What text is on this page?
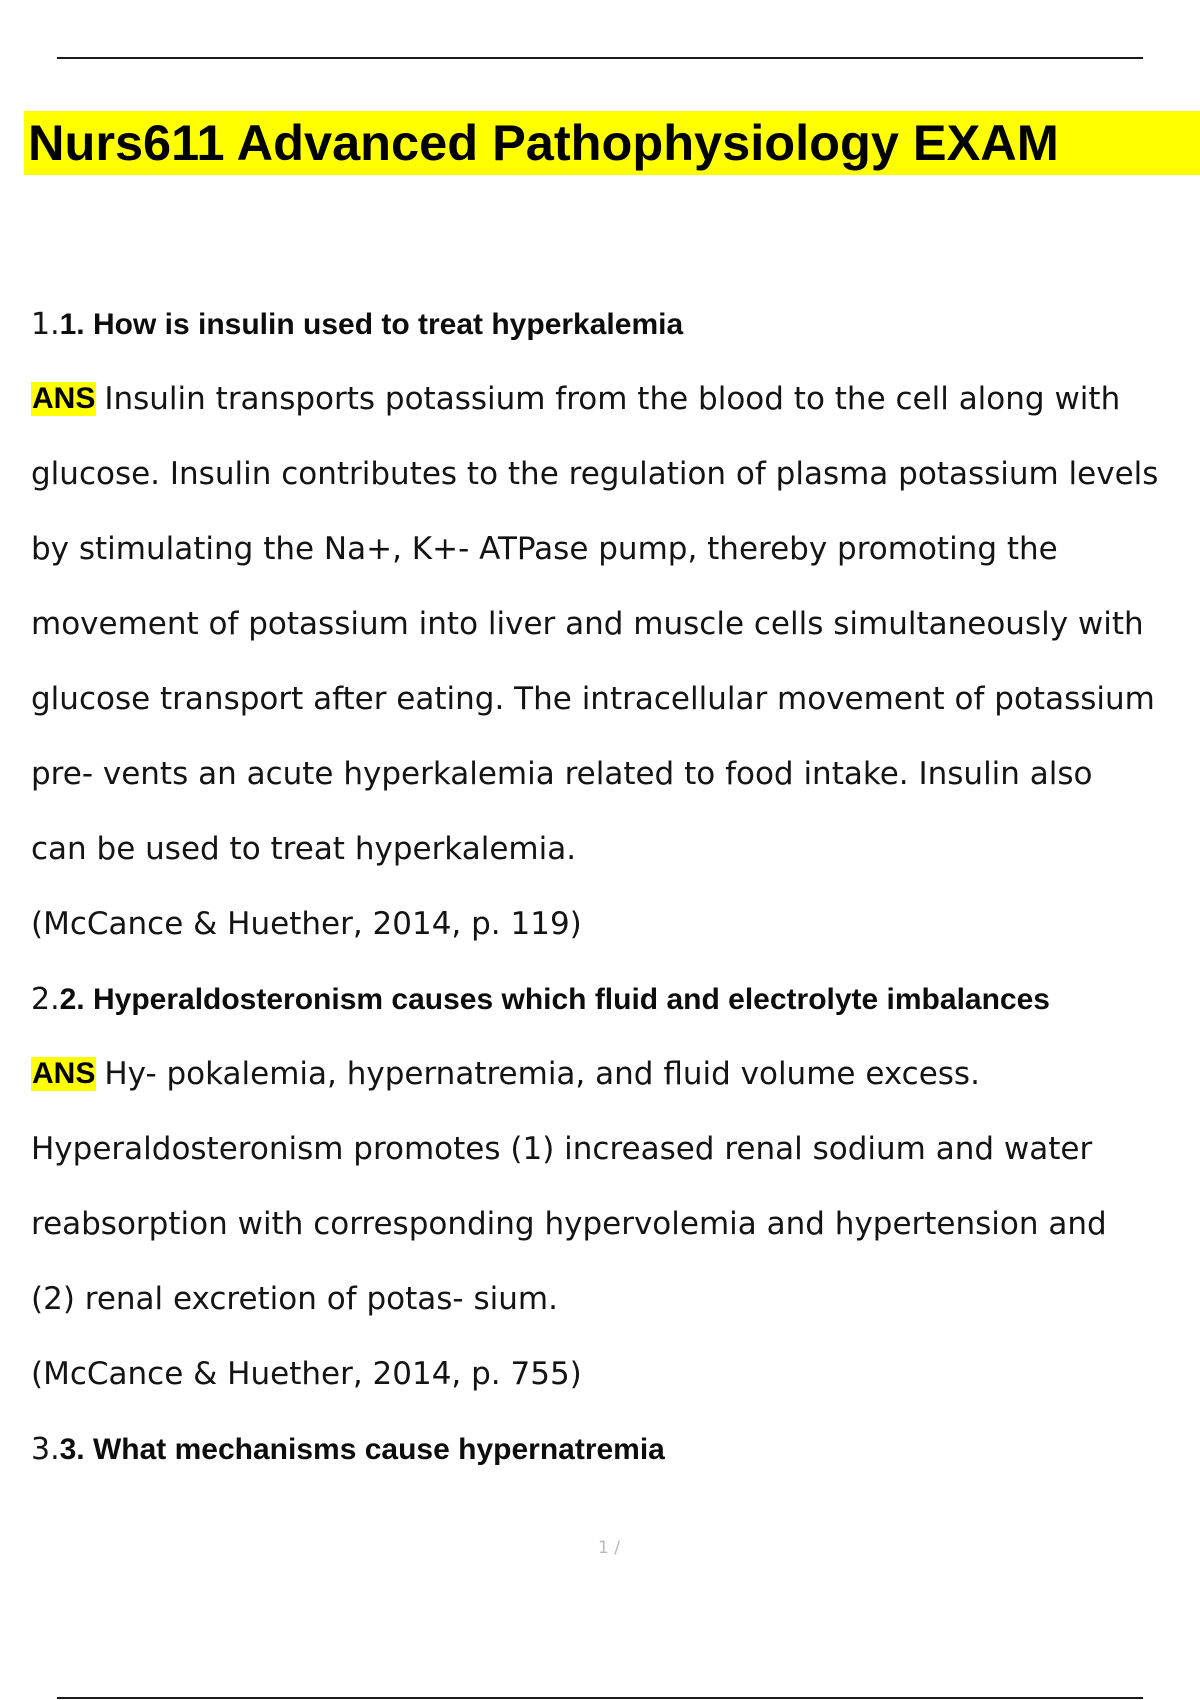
Nurs611 Advanced Pathophysiology EXAM
1.1. How is insulin used to treat hyperkalemia
ANS Insulin transports potassium from the blood to the cell along with
glucose. Insulin contributes to the regulation of plasma potassium levels
by stimulating the Na+, K+- ATPase pump, thereby promoting the
movement of potassium into liver and muscle cells simultaneously with
glucose transport after eating. The intracellular movement of potassium
pre- vents an acute hyperkalemia related to food intake. Insulin also
can be used to treat hyperkalemia.
(McCance & Huether, 2014, p. 119)
2.2. Hyperaldosteronism causes which fluid and electrolyte imbalances
ANS Hy- pokalemia, hypernatremia, and fluid volume excess.
Hyperaldosteronism promotes (1) increased renal sodium and water
reabsorption with corresponding hypervolemia and hypertension and
(2) renal excretion of potas- sium.
(McCance & Huether, 2014, p. 755)
3.3. What mechanisms cause hypernatremia
1 /
